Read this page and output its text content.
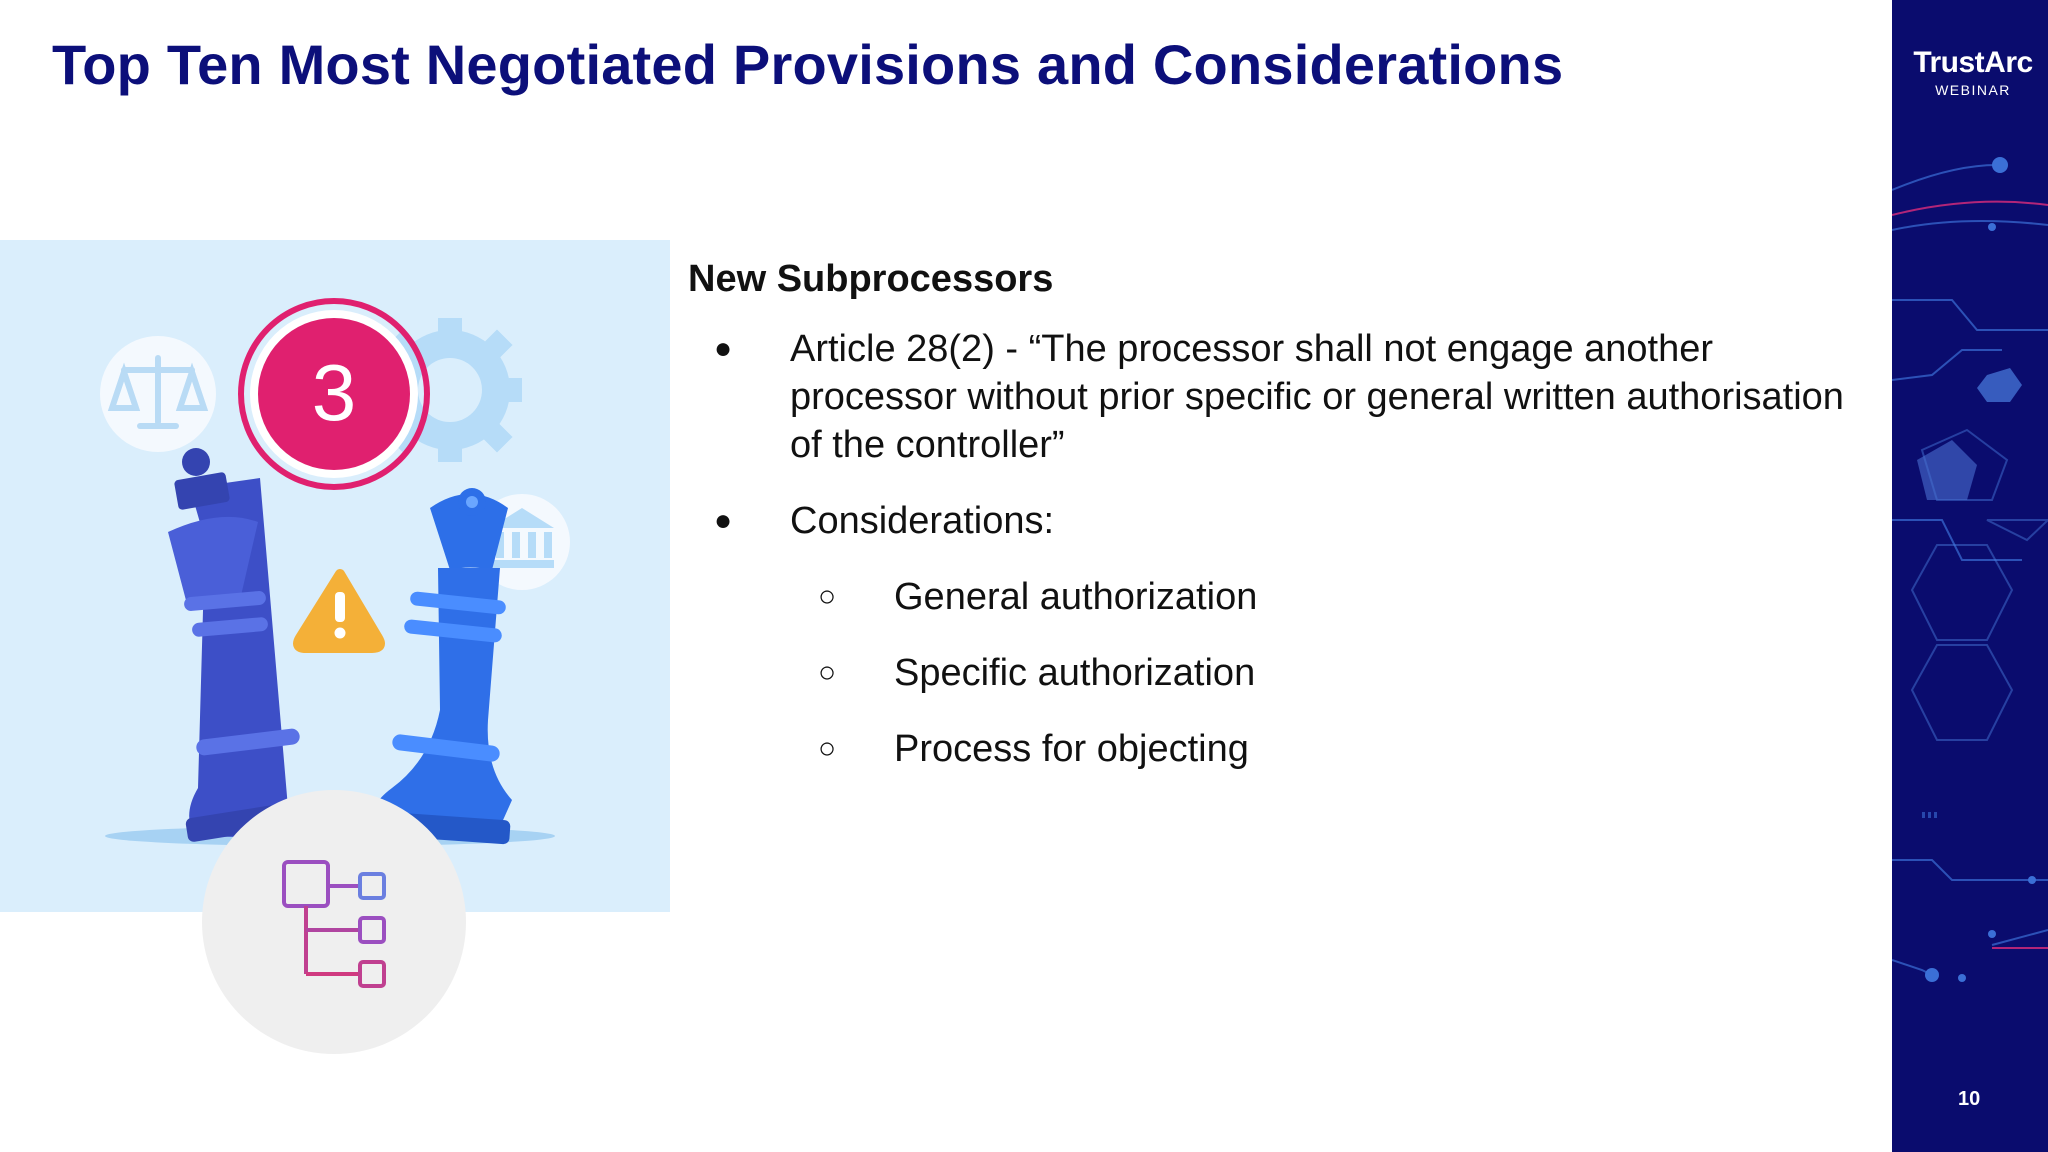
Top Ten Most Negotiated Provisions and Considerations	TrustArc
WEBINAR
10
3
New Subprocessors
● Article 28(2) - “The processor shall not engage another processor without prior specific or general written authorisation of the controller”
● Considerations:
○ General authorization
○ Specific authorization
○ Process for objecting
